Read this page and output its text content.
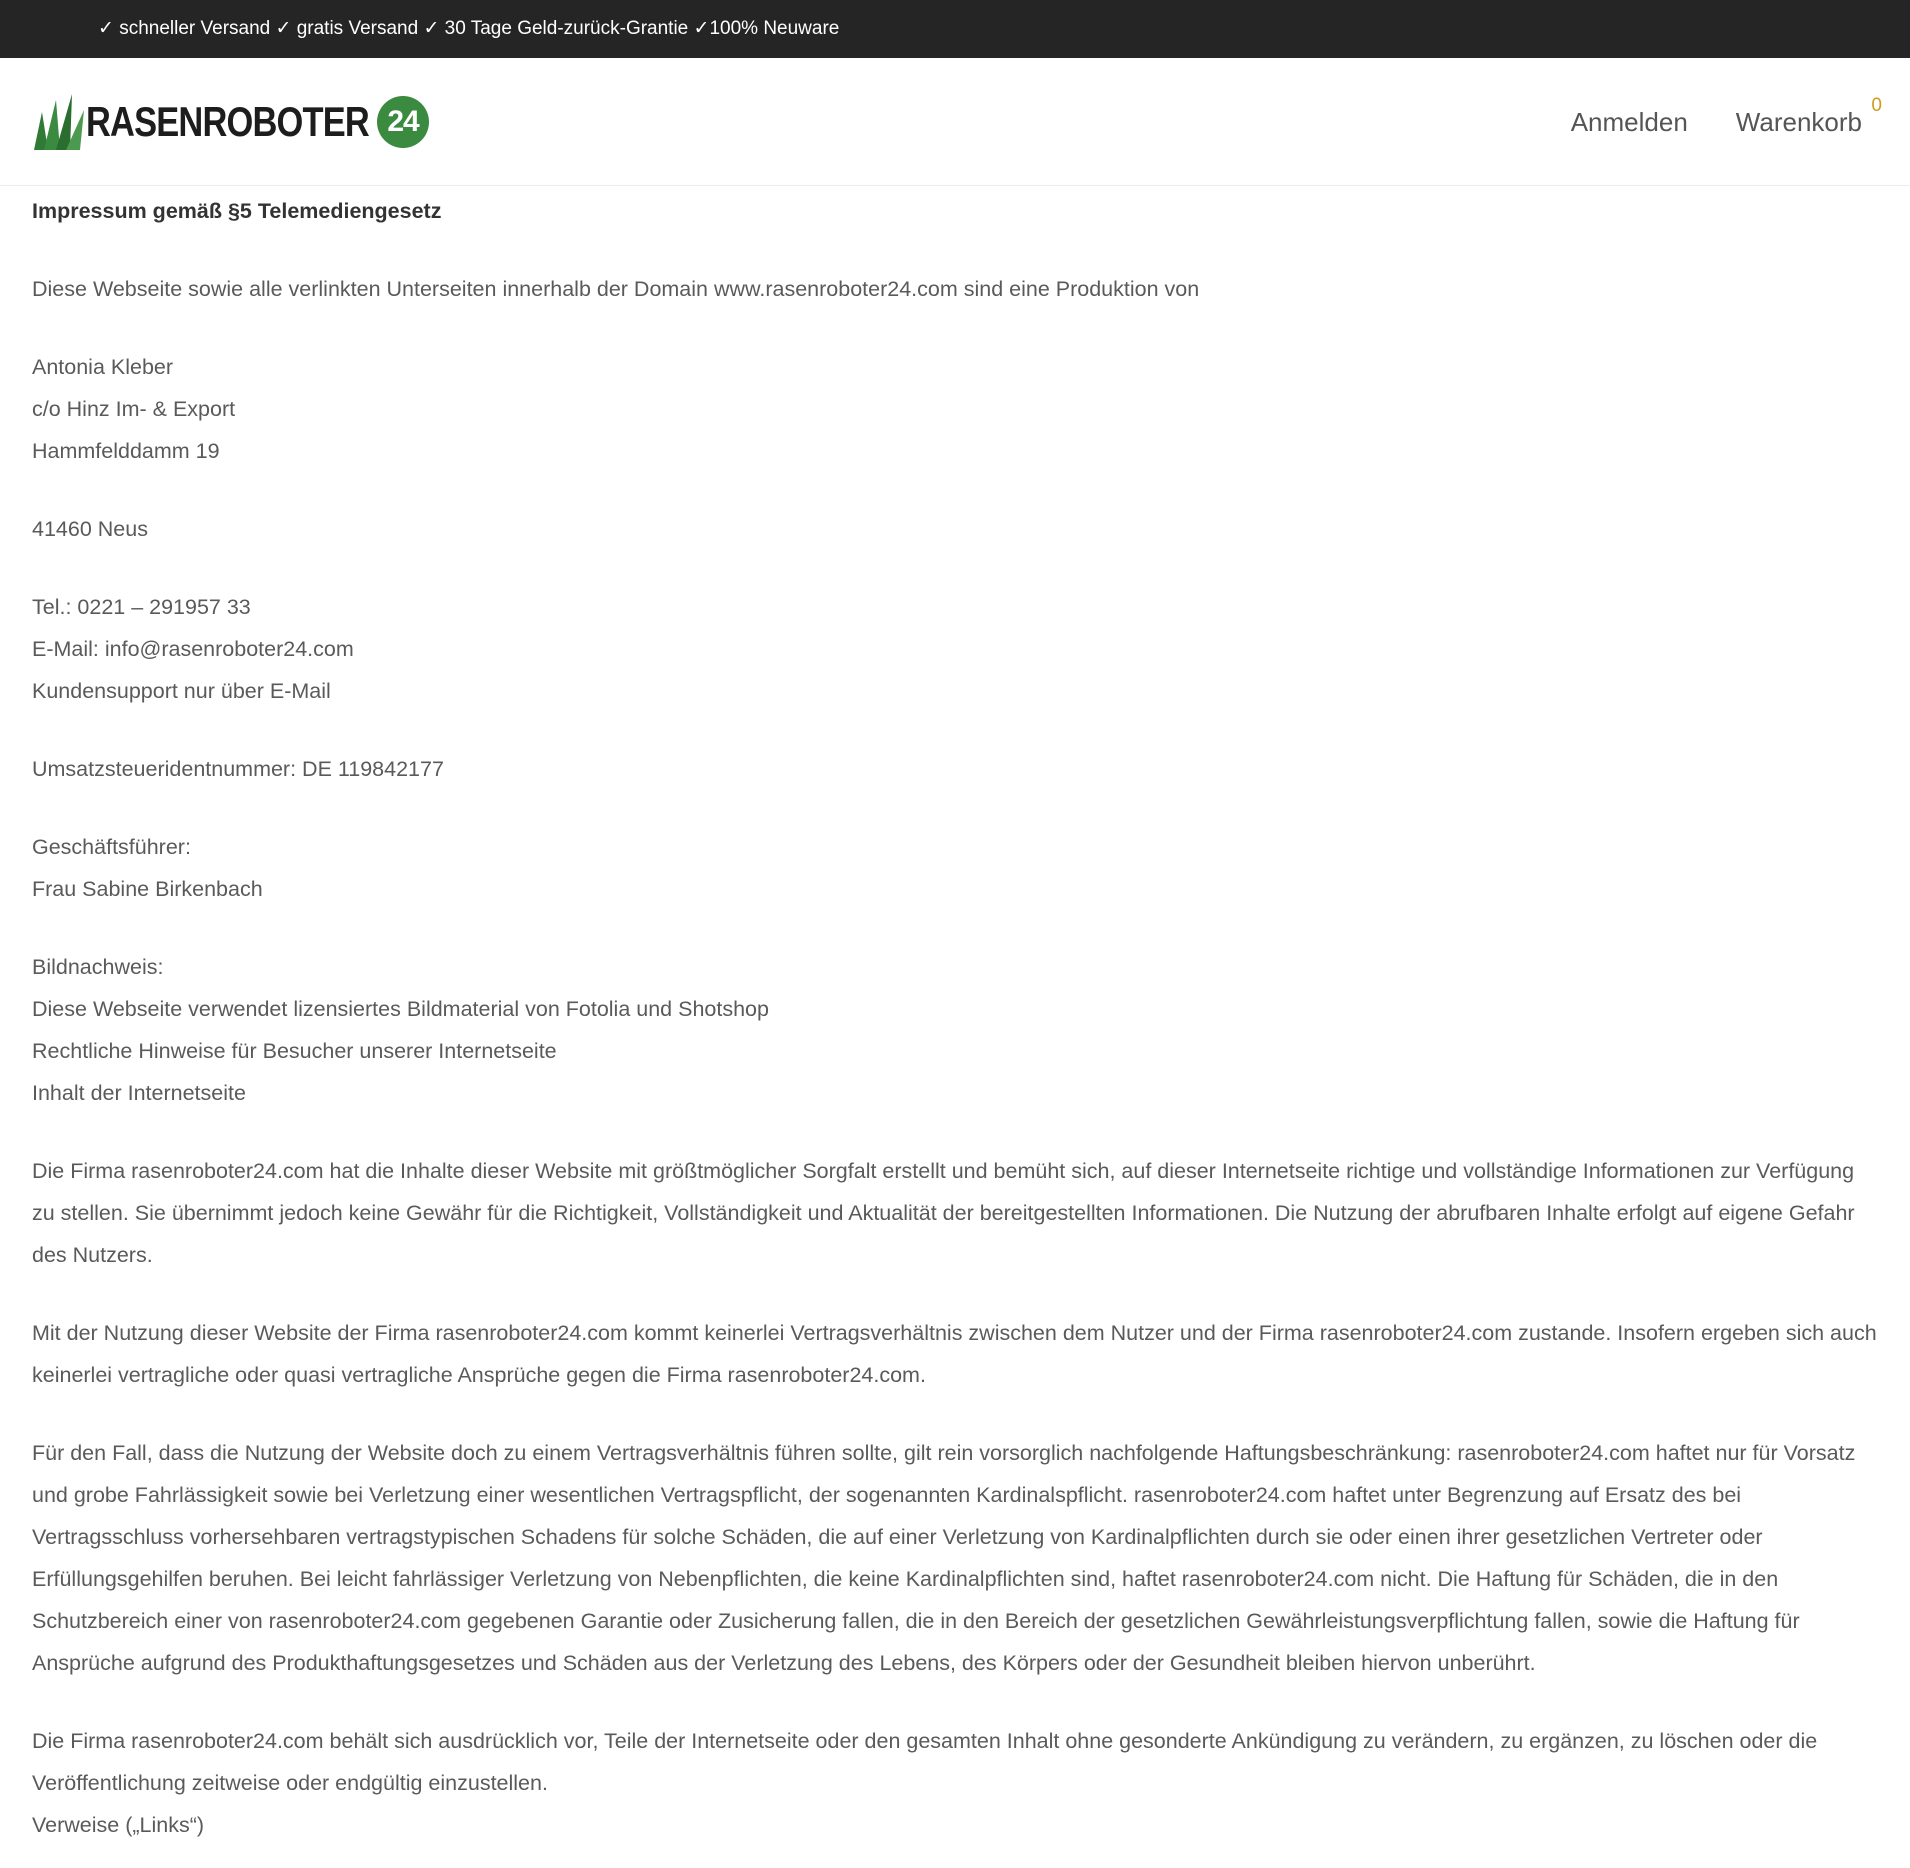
✓ schneller Versand ✓ gratis Versand ✓ 30 Tage Geld-zurück-Grantie ✓100% Neuware
RASENROBOTER 24	Anmelden Warenkorb
0

Impressum gemäß §5 Telemediengesetz

Diese Webseite sowie alle verlinkten Unterseiten innerhalb der Domain www.rasenroboter24.com sind eine Produktion von

Antonia Kleber

c/o Hinz Im- & Export

Hammfelddamm 19

41460 Neus

Tel.: 0221 – 291957 33

E-Mail: info@rasenroboter24.com

Kundensupport nur über E-Mail

Umsatzsteueridentnummer: DE 119842177

Geschäftsführer:

Frau Sabine Birkenbach

Bildnachweis:

Diese Webseite verwendet lizensiertes Bildmaterial von Fotolia und Shotshop

Rechtliche Hinweise für Besucher unserer Internetseite

Inhalt der Internetseite

Die Firma rasenroboter24.com hat die Inhalte dieser Website mit größtmöglicher Sorgfalt erstellt und bemüht sich, auf dieser Internetseite richtige und vollständige Informationen zur Verfügung zu stellen. Sie übernimmt jedoch keine Gewähr für die Richtigkeit, Vollständigkeit und Aktualität der bereitgestellten Informationen. Die Nutzung der abrufbaren Inhalte erfolgt auf eigene Gefahr des Nutzers.

Mit der Nutzung dieser Website der Firma rasenroboter24.com kommt keinerlei Vertragsverhältnis zwischen dem Nutzer und der Firma rasenroboter24.com zustande. Insofern ergeben sich auch keinerlei vertragliche oder quasi vertragliche Ansprüche gegen die Firma rasenroboter24.com.

Für den Fall, dass die Nutzung der Website doch zu einem Vertragsverhältnis führen sollte, gilt rein vorsorglich nachfolgende Haftungsbeschränkung: rasenroboter24.com haftet nur für Vorsatz und grobe Fahrlässigkeit sowie bei Verletzung einer wesentlichen Vertragspflicht, der sogenannten Kardinalspflicht. rasenroboter24.com haftet unter Begrenzung auf Ersatz des bei Vertragsschluss vorhersehbaren vertragstypischen Schadens für solche Schäden, die auf einer Verletzung von Kardinalpflichten durch sie oder einen ihrer gesetzlichen Vertreter oder Erfüllungsgehilfen beruhen. Bei leicht fahrlässiger Verletzung von Nebenpflichten, die keine Kardinalpflichten sind, haftet rasenroboter24.com nicht. Die Haftung für Schäden, die in den Schutzbereich einer von rasenroboter24.com gegebenen Garantie oder Zusicherung fallen, die in den Bereich der gesetzlichen Gewährleistungsverpflichtung fallen, sowie die Haftung für Ansprüche aufgrund des Produkthaftungsgesetzes und Schäden aus der Verletzung des Lebens, des Körpers oder der Gesundheit bleiben hiervon unberührt.

Die Firma rasenroboter24.com behält sich ausdrücklich vor, Teile der Internetseite oder den gesamten Inhalt ohne gesonderte Ankündigung zu verändern, zu ergänzen, zu löschen oder die Veröffentlichung zeitweise oder endgültig einzustellen.

Verweise („Links“)
